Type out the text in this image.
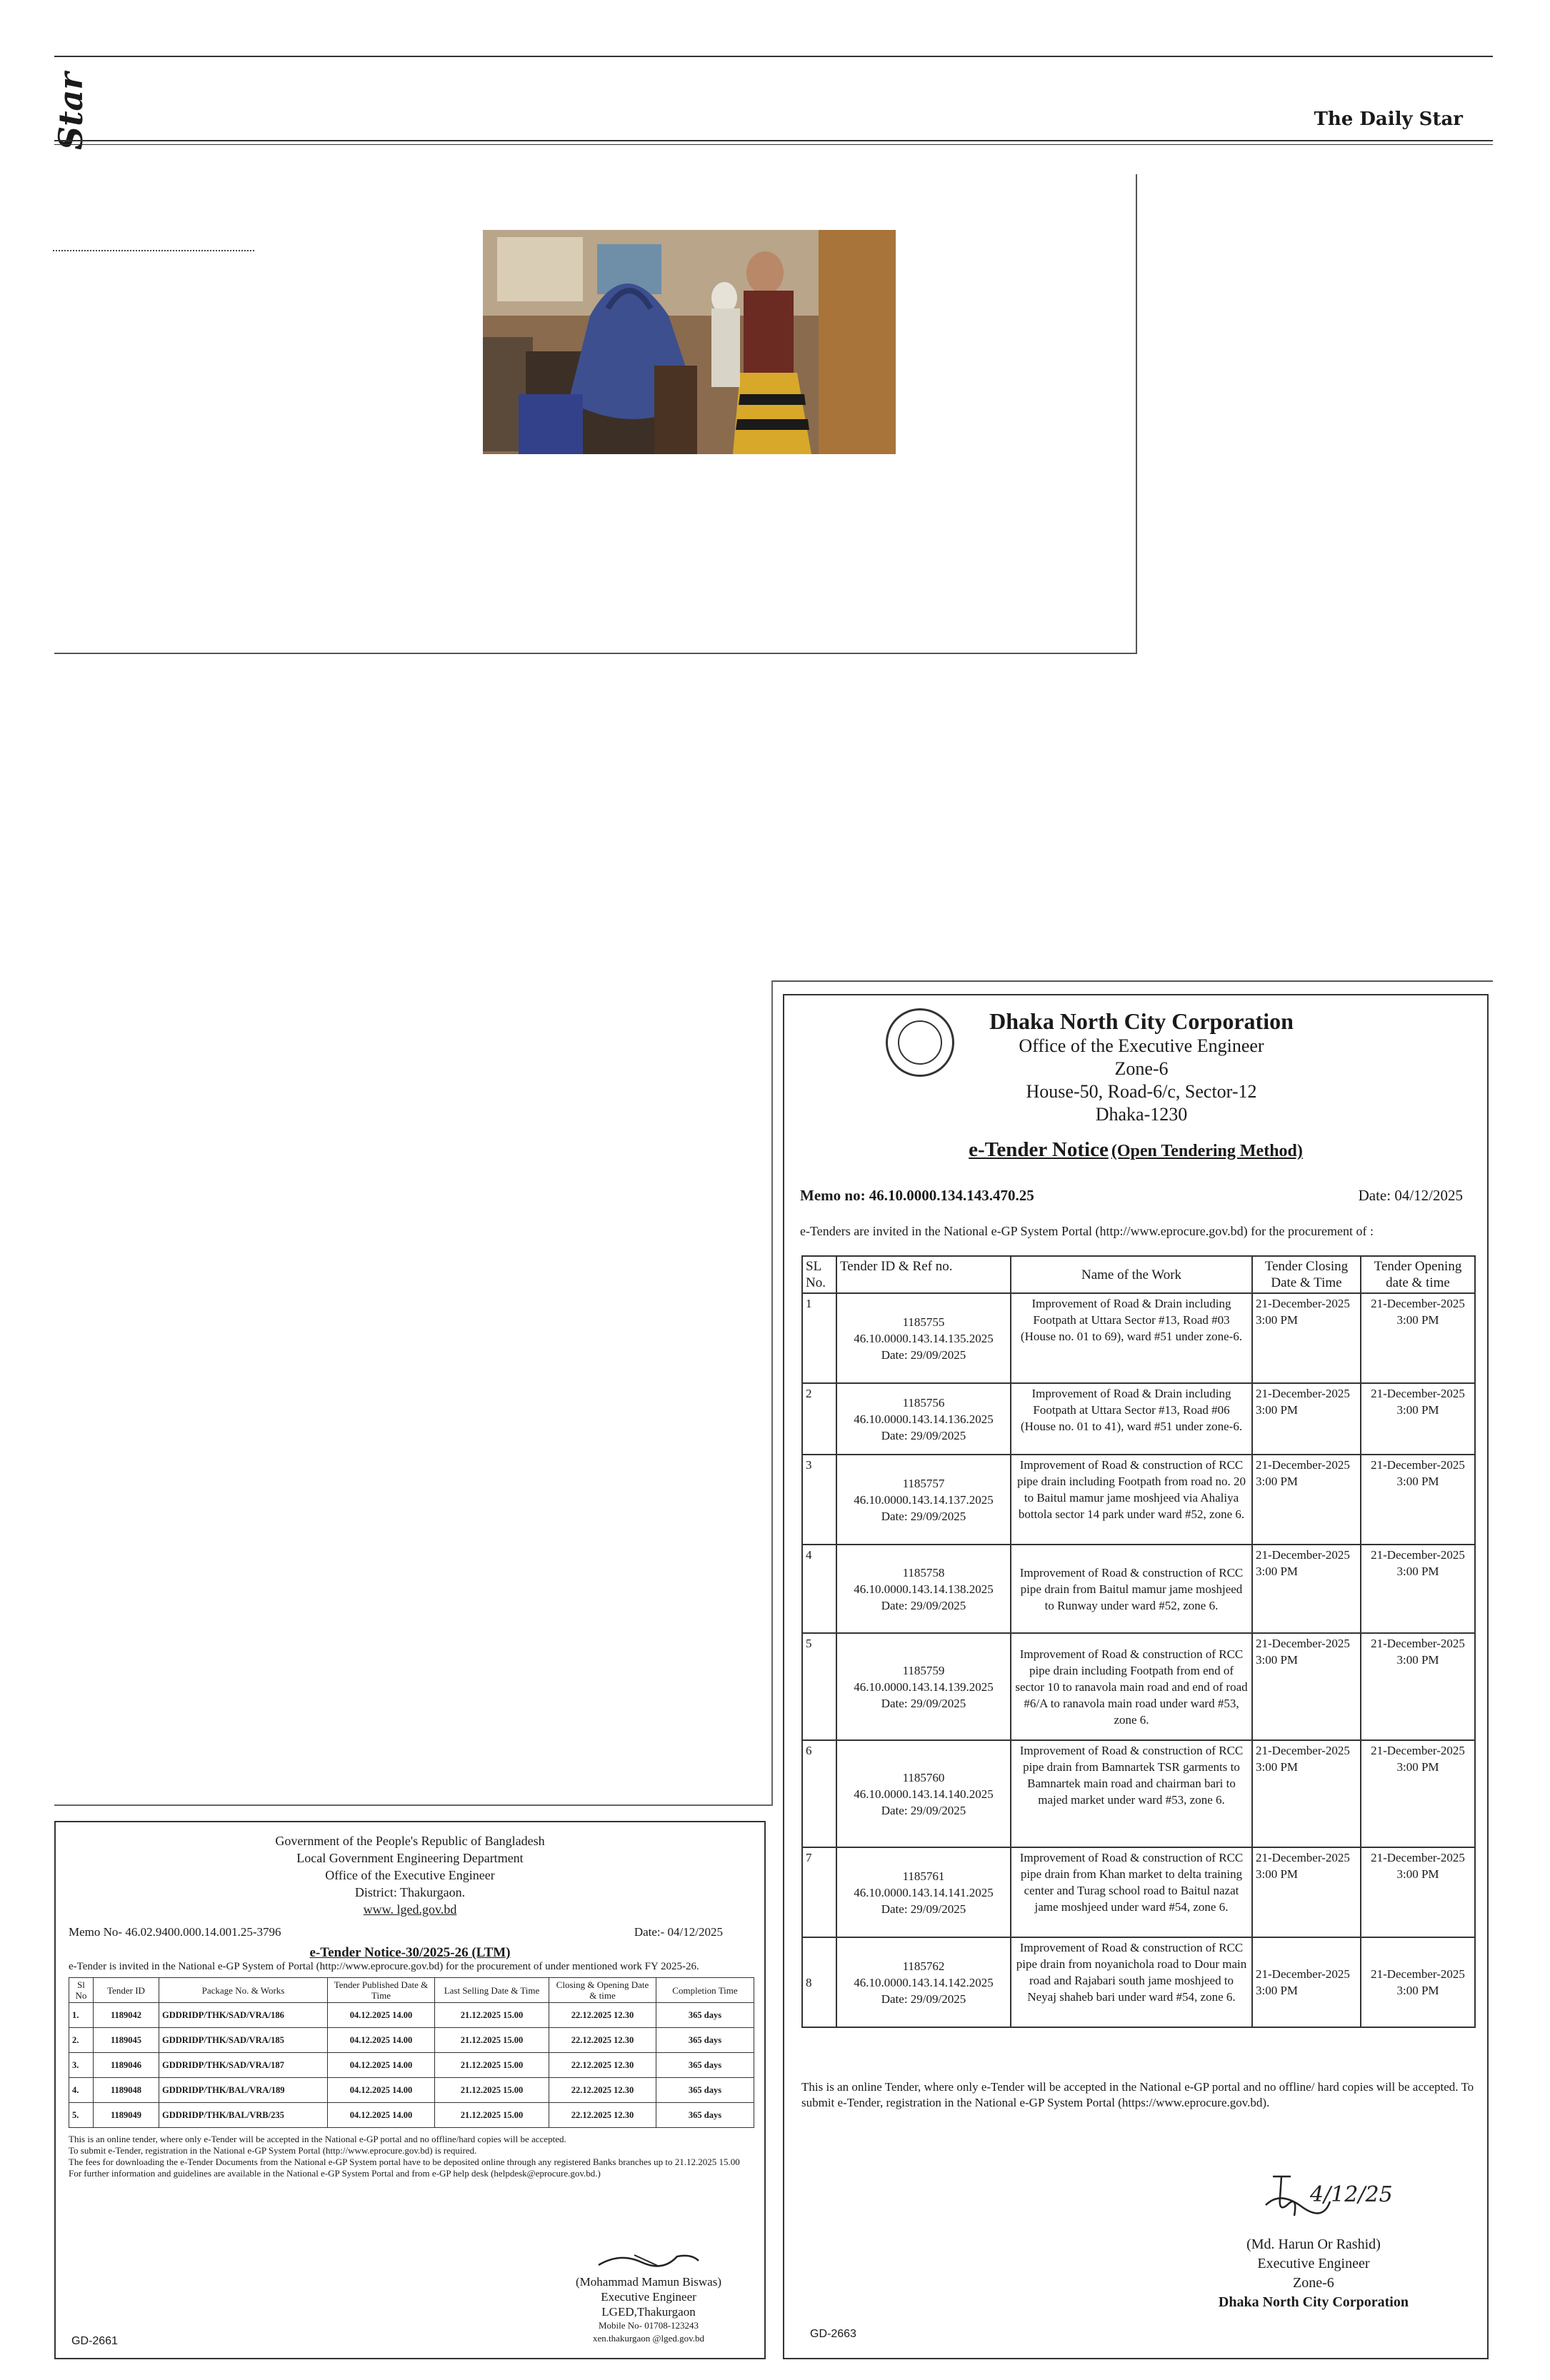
Star	The Daily Star
Government of the People's Republic of Bangladesh
Local Government Engineering Department
Office of the Executive Engineer
District: Thakurgaon.
www. lged.gov.bd
Memo No- 46.02.9400.000.14.001.25-3796	Date:- 04/12/2025
e-Tender Notice-30/2025-26 (LTM)
e-Tender is invited in the National e-GP System of Portal (http://www.eprocure.gov.bd) for the procurement of under mentioned work FY 2025-26.
Sl No	Tender ID	Package No. & Works	Tender Published Date & Time	Last Selling Date & Time	Closing & Opening Date & time	Completion Time
1.	1189042	GDDRIDP/THK/SAD/VRA/186	04.12.2025 14.00	21.12.2025 15.00	22.12.2025 12.30	365 days
2.	1189045	GDDRIDP/THK/SAD/VRA/185	04.12.2025 14.00	21.12.2025 15.00	22.12.2025 12.30	365 days
3.	1189046	GDDRIDP/THK/SAD/VRA/187	04.12.2025 14.00	21.12.2025 15.00	22.12.2025 12.30	365 days
4.	1189048	GDDRIDP/THK/BAL/VRA/189	04.12.2025 14.00	21.12.2025 15.00	22.12.2025 12.30	365 days
5.	1189049	GDDRIDP/THK/BAL/VRB/235	04.12.2025 14.00	21.12.2025 15.00	22.12.2025 12.30	365 days
This is an online tender, where only e-Tender will be accepted in the National e-GP portal and no offline/hard copies will be accepted.
To submit e-Tender, registration in the National e-GP System Portal (http://www.eprocure.gov.bd) is required.
The fees for downloading the e-Tender Documents from the National e-GP System portal have to be deposited online through any registered Banks branches up to 21.12.2025 15.00 For further information and guidelines are available in the National e-GP System Portal and from e-GP help desk (helpdesk@eprocure.gov.bd.)
(Mohammad Mamun Biswas)
Executive Engineer
LGED,Thakurgaon
Mobile No- 01708-123243
xen.thakurgaon @lged.gov.bd
GD-2661
Dhaka North City Corporation
Office of the Executive Engineer
Zone-6
House-50, Road-6/c, Sector-12
Dhaka-1230
e-Tender Notice (Open Tendering Method)
Memo no: 46.10.0000.134.143.470.25	Date: 04/12/2025
e-Tenders are invited in the National e-GP System Portal (http://www.eprocure.gov.bd) for the procurement of :
SL No.	Tender ID & Ref no.	Name of the Work	Tender Closing Date & Time	Tender Opening date & time
1	1185755
46.10.0000.143.14.135.2025
Date: 29/09/2025	Improvement of Road & Drain including Footpath at Uttara Sector #13, Road #03 (House no. 01 to 69), ward #51 under zone-6.	21-December-2025 3:00 PM	21-December-2025 3:00 PM
2	1185756
46.10.0000.143.14.136.2025
Date: 29/09/2025	Improvement of Road & Drain including Footpath at Uttara Sector #13, Road #06 (House no. 01 to 41), ward #51 under zone-6.	21-December-2025 3:00 PM	21-December-2025 3:00 PM
3	1185757
46.10.0000.143.14.137.2025
Date: 29/09/2025	Improvement of Road & construction of RCC pipe drain including Footpath from road no. 20 to Baitul mamur jame moshjeed via Ahaliya bottola sector 14 park under ward #52, zone 6.	21-December-2025 3:00 PM	21-December-2025 3:00 PM
4	1185758
46.10.0000.143.14.138.2025
Date: 29/09/2025	Improvement of Road & construction of RCC pipe drain from Baitul mamur jame moshjeed to Runway under ward #52, zone 6.	21-December-2025 3:00 PM	21-December-2025 3:00 PM
5	1185759
46.10.0000.143.14.139.2025
Date: 29/09/2025	Improvement of Road & construction of RCC pipe drain including Footpath from end of sector 10 to ranavola main road and end of road #6/A to ranavola main road under ward #53, zone 6.	21-December-2025 3:00 PM	21-December-2025 3:00 PM
6	1185760
46.10.0000.143.14.140.2025
Date: 29/09/2025	Improvement of Road & construction of RCC pipe drain from Bamnartek TSR garments to Bamnartek main road and chairman bari to majed market under ward #53, zone 6.	21-December-2025 3:00 PM	21-December-2025 3:00 PM
7	1185761
46.10.0000.143.14.141.2025
Date: 29/09/2025	Improvement of Road & construction of RCC pipe drain from Khan market to delta training center and Turag school road to Baitul nazat jame moshjeed under ward #54, zone 6.	21-December-2025 3:00 PM	21-December-2025 3:00 PM
8	1185762
46.10.0000.143.14.142.2025
Date: 29/09/2025	Improvement of Road & construction of RCC pipe drain from noyanichola road to Dour main road and Rajabari south jame moshjeed to Neyaj shaheb bari under ward #54, zone 6.	21-December-2025 3:00 PM	21-December-2025 3:00 PM
This is an online Tender, where only e-Tender will be accepted in the National e-GP portal and no offline/ hard copies will be accepted. To submit e-Tender, registration in the National e-GP System Portal (https://www.eprocure.gov.bd).
4/12/25
(Md. Harun Or Rashid)
Executive Engineer
Zone-6
Dhaka North City Corporation
GD-2663
